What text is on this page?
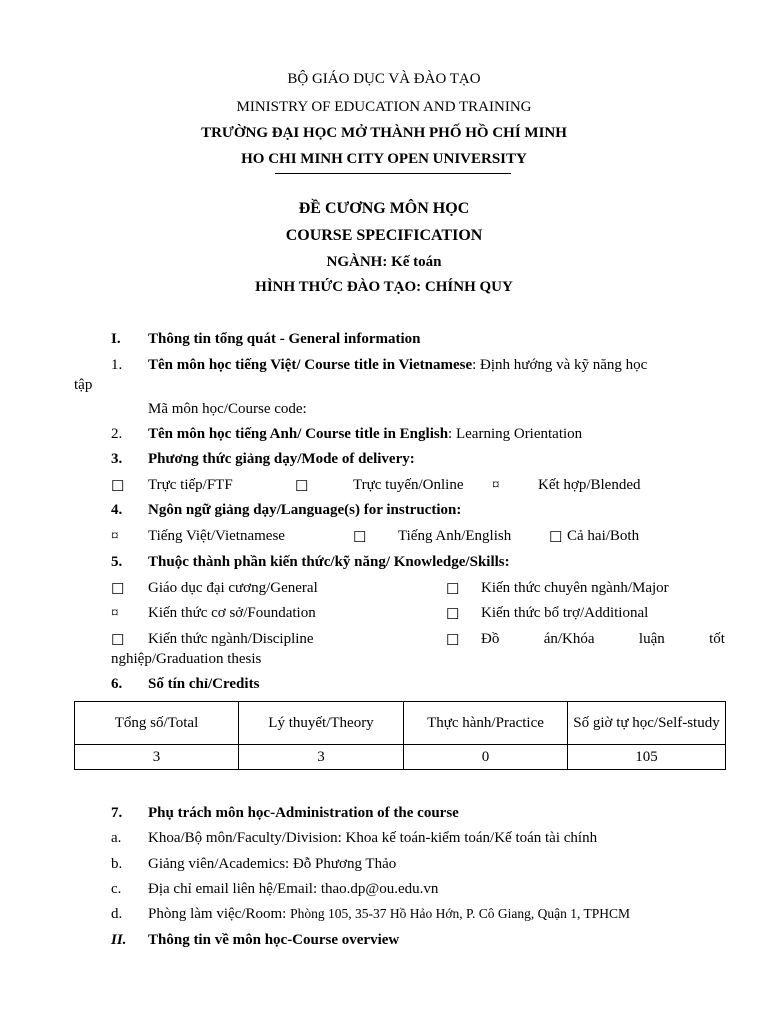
BỘ GIÁO DỤC VÀ ĐÀO TẠO
MINISTRY OF EDUCATION AND TRAINING
TRƯỜNG ĐẠI HỌC MỞ THÀNH PHỐ HỒ CHÍ MINH
HO CHI MINH CITY OPEN UNIVERSITY
ĐỀ CƯƠNG MÔN HỌC
COURSE SPECIFICATION
NGÀNH: Kế toán
HÌNH THỨC ĐÀO TẠO: CHÍNH QUY
I. Thông tin tổng quát - General information
1. Tên môn học tiếng Việt/ Course title in Vietnamese: Định hướng và kỹ năng học
tập
Mã môn học/Course code:
2. Tên môn học tiếng Anh/ Course title in English: Learning Orientation
3. Phương thức giảng dạy/Mode of delivery:
☐ Trực tiếp/FTF	☐	Trực tuyến/Online ¤	Kết hợp/Blended
4. Ngôn ngữ giảng dạy/Language(s) for instruction:
¤ Tiếng Việt/Vietnamese	☐ Tiếng Anh/English	☐ Cả hai/Both
5. Thuộc thành phần kiến thức/kỹ năng/ Knowledge/Skills:
☐ Giáo dục đại cương/General	☐ Kiến thức chuyên ngành/Major
¤ Kiến thức cơ sở/Foundation	☐ Kiến thức bổ trợ/Additional
☐ Kiến thức ngành/Discipline	☐ Đồ	án/Khóa	luận	tốt
nghiệp/Graduation thesis
6. Số tín chỉ/Credits
Tổng số/Total	Lý thuyết/Theory	Thực hành/Practice	Số giờ tự học/Self-study
3	3	0	105
7. Phụ trách môn học-Administration of the course
a. Khoa/Bộ môn/Faculty/Division: Khoa kế toán-kiểm toán/Kế toán tài chính
b. Giảng viên/Academics: Đỗ Phương Thảo
c. Địa chỉ email liên hệ/Email: thao.dp@ou.edu.vn
d. Phòng làm việc/Room: Phòng 105, 35-37 Hồ Hảo Hớn, P. Cô Giang, Quận 1, TPHCM
II. Thông tin về môn học-Course overview
